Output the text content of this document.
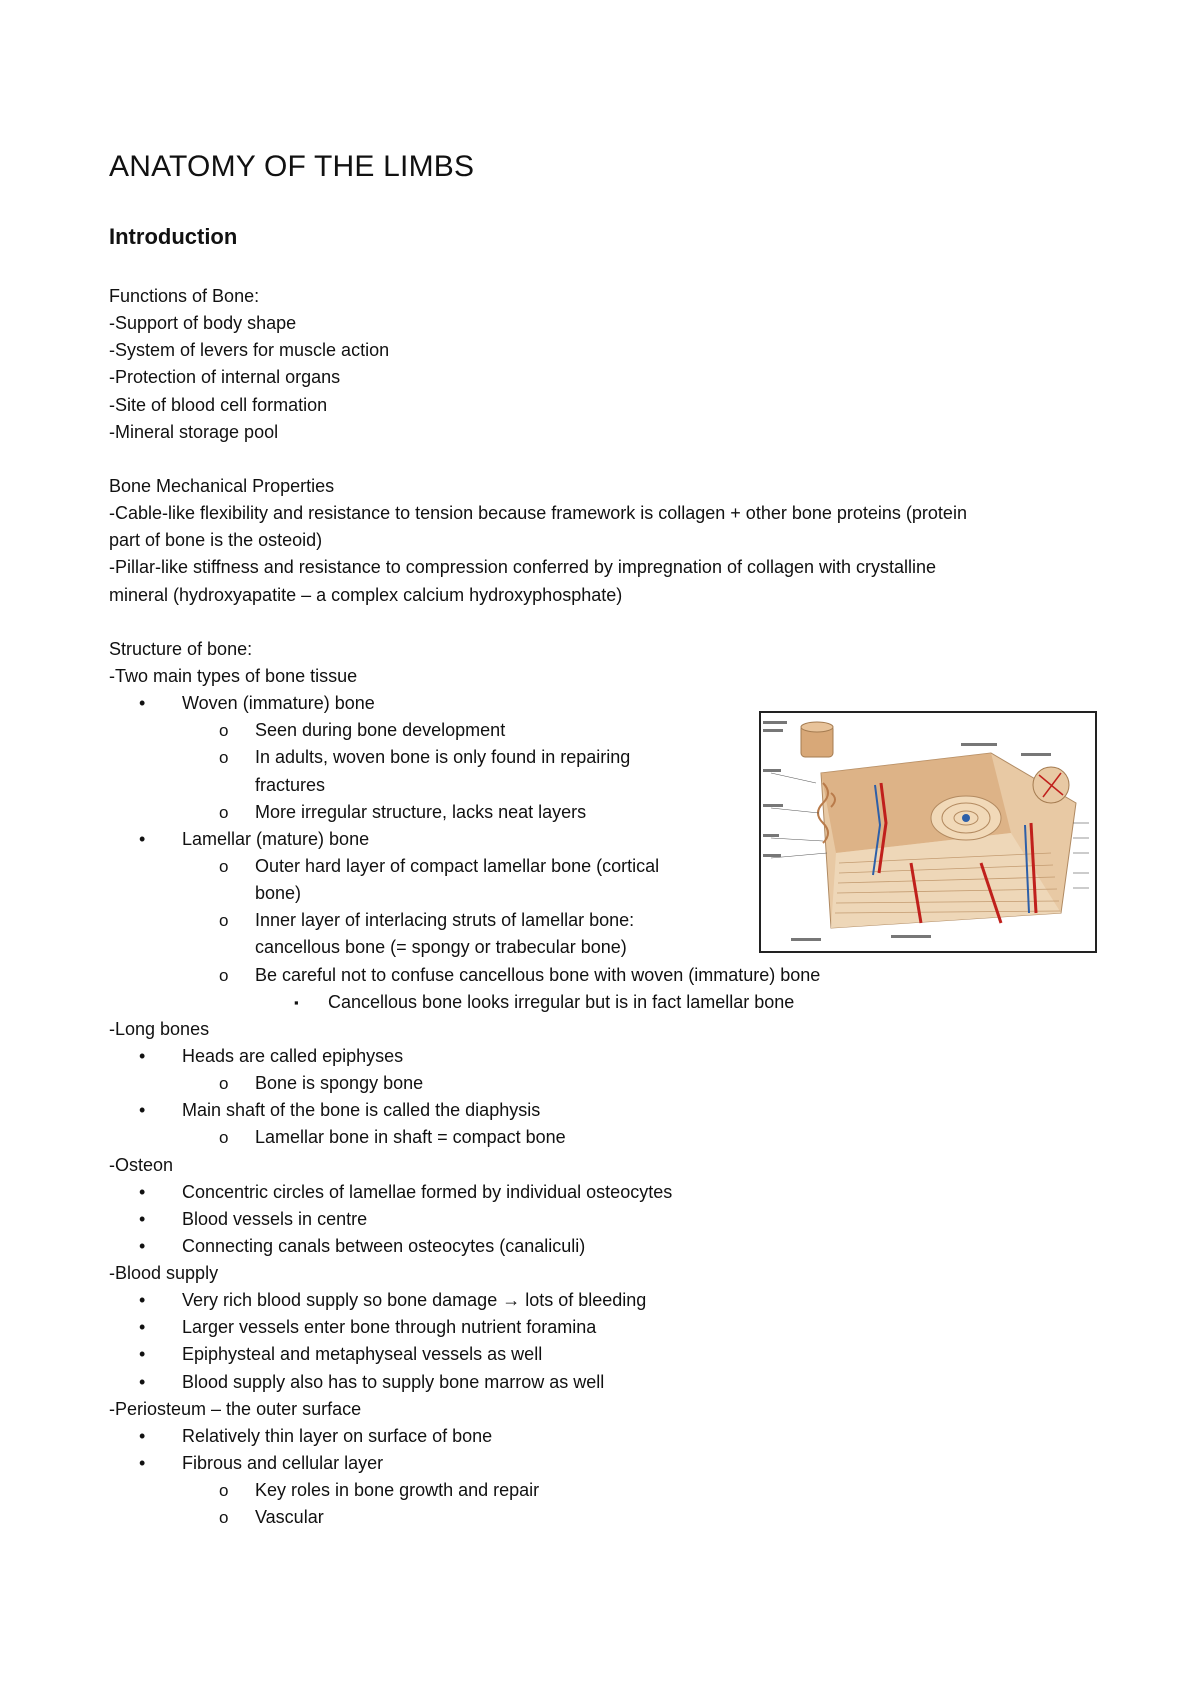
ANATOMY OF THE LIMBS
Introduction
Functions of Bone:
-Support of body shape
-System of levers for muscle action
-Protection of internal organs
-Site of blood cell formation
-Mineral storage pool
Bone Mechanical Properties
-Cable-like flexibility and resistance to tension because framework is collagen + other bone proteins (protein
part of bone is the osteoid)
-Pillar-like stiffness and resistance to compression conferred by impregnation of collagen with crystalline
mineral (hydroxyapatite – a complex calcium hydroxyphosphate)
Structure of bone:
-Two main types of bone tissue
• Woven (immature) bone
o Seen during bone development
o In adults, woven bone is only found in repairing
fractures
o More irregular structure, lacks neat layers
• Lamellar (mature) bone
o Outer hard layer of compact lamellar bone (cortical
bone)
o Inner layer of interlacing struts of lamellar bone:
cancellous bone (= spongy or trabecular bone)
o Be careful not to confuse cancellous bone with woven (immature) bone
▪ Cancellous bone looks irregular but is in fact lamellar bone
-Long bones
• Heads are called epiphyses
o Bone is spongy bone
• Main shaft of the bone is called the diaphysis
o Lamellar bone in shaft = compact bone
-Osteon
• Concentric circles of lamellae formed by individual osteocytes
• Blood vessels in centre
• Connecting canals between osteocytes (canaliculi)
-Blood supply
• Very rich blood supply so bone damage → lots of bleeding
• Larger vessels enter bone through nutrient foramina
• Epiphysteal and metaphyseal vessels as well
• Blood supply also has to supply bone marrow as well
-Periosteum – the outer surface
• Relatively thin layer on surface of bone
• Fibrous and cellular layer
o Key roles in bone growth and repair
o Vascular
